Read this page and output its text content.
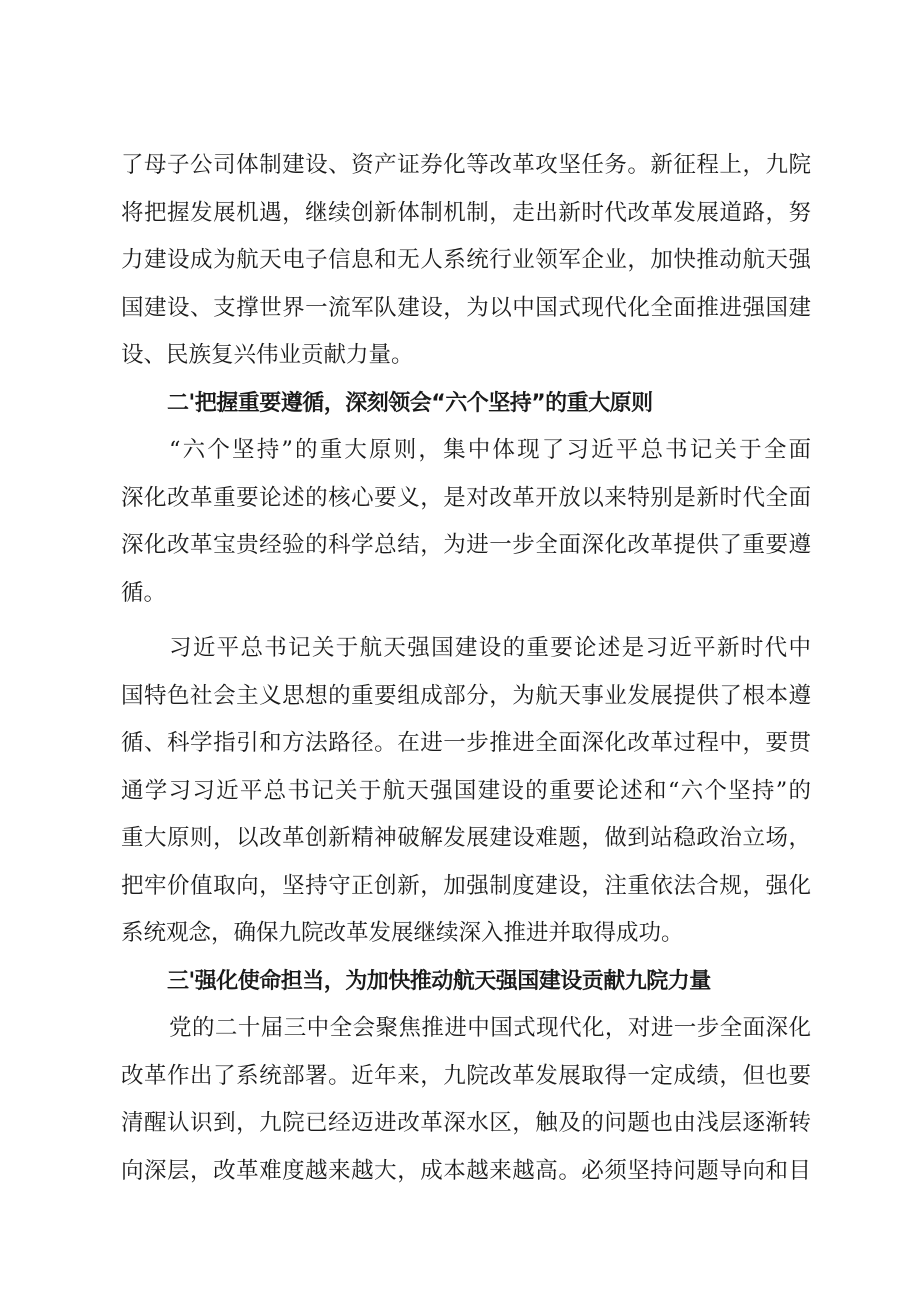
了母子公司体制建设、资产证券化等改革攻坚任务。新征程上，九院
将把握发展机遇，继续创新体制机制，走出新时代改革发展道路，努
力建设成为航天电子信息和无人系统行业领军企业，加快推动航天强
国建设、支撑世界一流军队建设，为以中国式现代化全面推进强国建
设、民族复兴伟业贡献力量。
二'把握重要遵循，深刻领会“六个坚持”的重大原则
“六个坚持”的重大原则，集中体现了习近平总书记关于全面
深化改革重要论述的核心要义，是对改革开放以来特别是新时代全面
深化改革宝贵经验的科学总结，为进一步全面深化改革提供了重要遵
循。
习近平总书记关于航天强国建设的重要论述是习近平新时代中
国特色社会主义思想的重要组成部分，为航天事业发展提供了根本遵
循、科学指引和方法路径。在进一步推进全面深化改革过程中，要贯
通学习习近平总书记关于航天强国建设的重要论述和“六个坚持”的
重大原则，以改革创新精神破解发展建设难题，做到站稳政治立场，
把牢价值取向，坚持守正创新，加强制度建设，注重依法合规，强化
系统观念，确保九院改革发展继续深入推进并取得成功。
三'强化使命担当，为加快推动航天强国建设贡献九院力量
党的二十届三中全会聚焦推进中国式现代化，对进一步全面深化
改革作出了系统部署。近年来，九院改革发展取得一定成绩，但也要
清醒认识到，九院已经迈进改革深水区，触及的问题也由浅层逐渐转
向深层，改革难度越来越大，成本越来越高。必须坚持问题导向和目
